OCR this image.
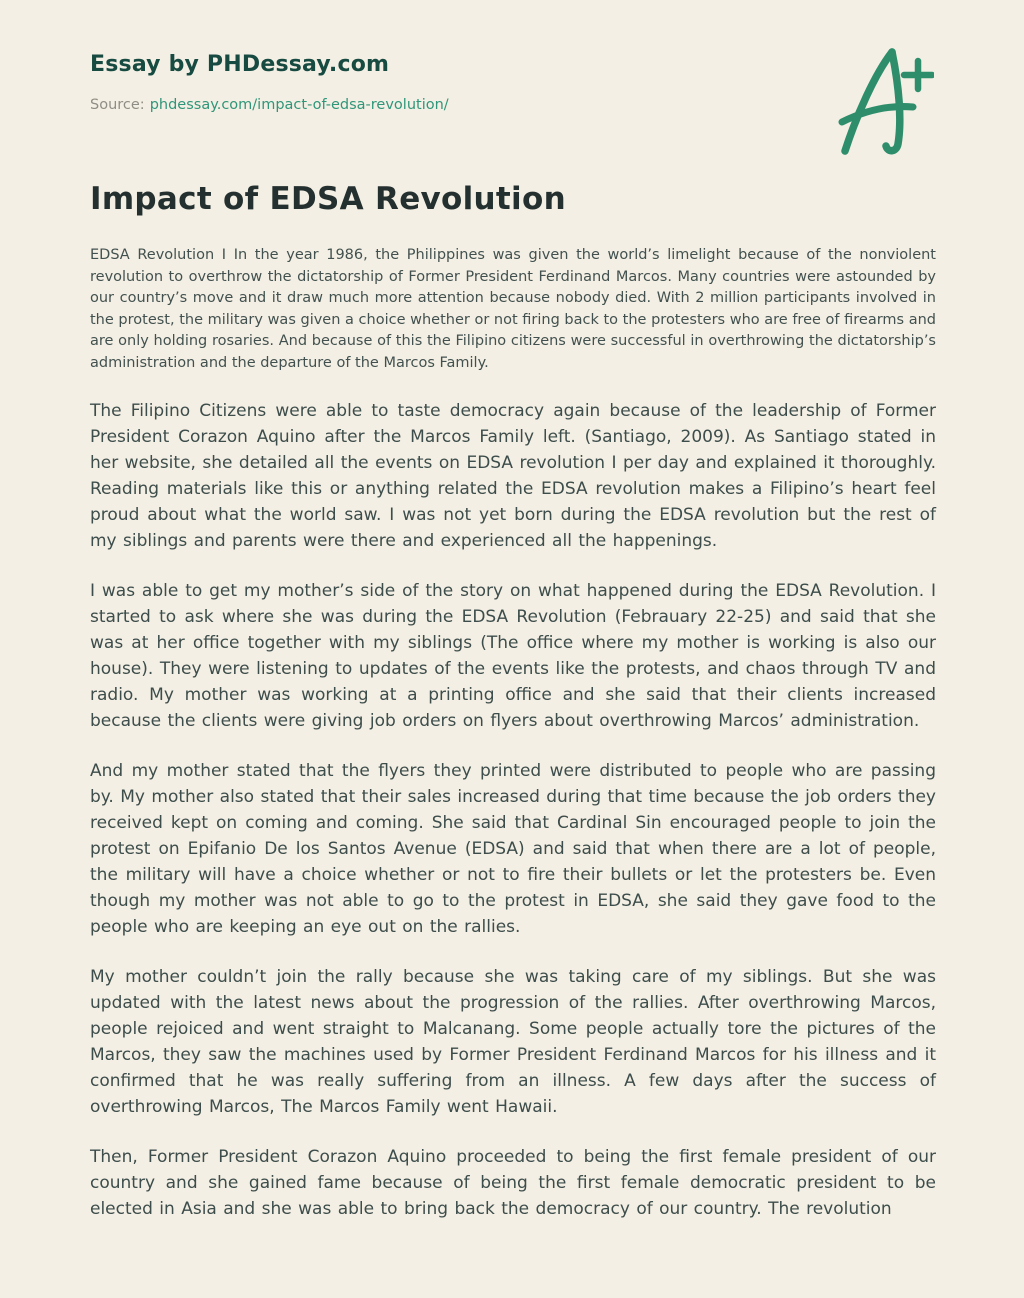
Essay by PHDessay.com
Source: phdessay.com/impact-of-edsa-revolution/
Impact of EDSA Revolution

EDSA Revolution I In the year 1986, the Philippines was given the world’s limelight because of the nonviolent revolution to overthrow the dictatorship of Former President Ferdinand Marcos. Many countries were astounded by our country’s move and it draw much more attention because nobody died. With 2 million participants involved in the protest, the military was given a choice whether or not firing back to the protesters who are free of firearms and are only holding rosaries. And because of this the Filipino citizens were successful in overthrowing the dictatorship’s administration and the departure of the Marcos Family.

The Filipino Citizens were able to taste democracy again because of the leadership of Former President Corazon Aquino after the Marcos Family left. (Santiago, 2009). As Santiago stated in her website, she detailed all the events on EDSA revolution I per day and explained it thoroughly. Reading materials like this or anything related the EDSA revolution makes a Filipino’s heart feel proud about what the world saw. I was not yet born during the EDSA revolution but the rest of my siblings and parents were there and experienced all the happenings.

I was able to get my mother’s side of the story on what happened during the EDSA Revolution. I started to ask where she was during the EDSA Revolution (Febrauary 22-25) and said that she was at her office together with my siblings (The office where my mother is working is also our house). They were listening to updates of the events like the protests, and chaos through TV and radio. My mother was working at a printing office and she said that their clients increased because the clients were giving job orders on flyers about overthrowing Marcos’ administration.

And my mother stated that the flyers they printed were distributed to people who are passing by. My mother also stated that their sales increased during that time because the job orders they received kept on coming and coming. She said that Cardinal Sin encouraged people to join the protest on Epifanio De los Santos Avenue (EDSA) and said that when there are a lot of people, the military will have a choice whether or not to fire their bullets or let the protesters be. Even though my mother was not able to go to the protest in EDSA, she said they gave food to the people who are keeping an eye out on the rallies.

My mother couldn’t join the rally because she was taking care of my siblings. But she was updated with the latest news about the progression of the rallies. After overthrowing Marcos, people rejoiced and went straight to Malcanang. Some people actually tore the pictures of the Marcos, they saw the machines used by Former President Ferdinand Marcos for his illness and it confirmed that he was really suffering from an illness. A few days after the success of overthrowing Marcos, The Marcos Family went Hawaii.

Then, Former President Corazon Aquino proceeded to being the first female president of our country and she gained fame because of being the first female democratic president to be elected in Asia and she was able to bring back the democracy of our country. The revolution
